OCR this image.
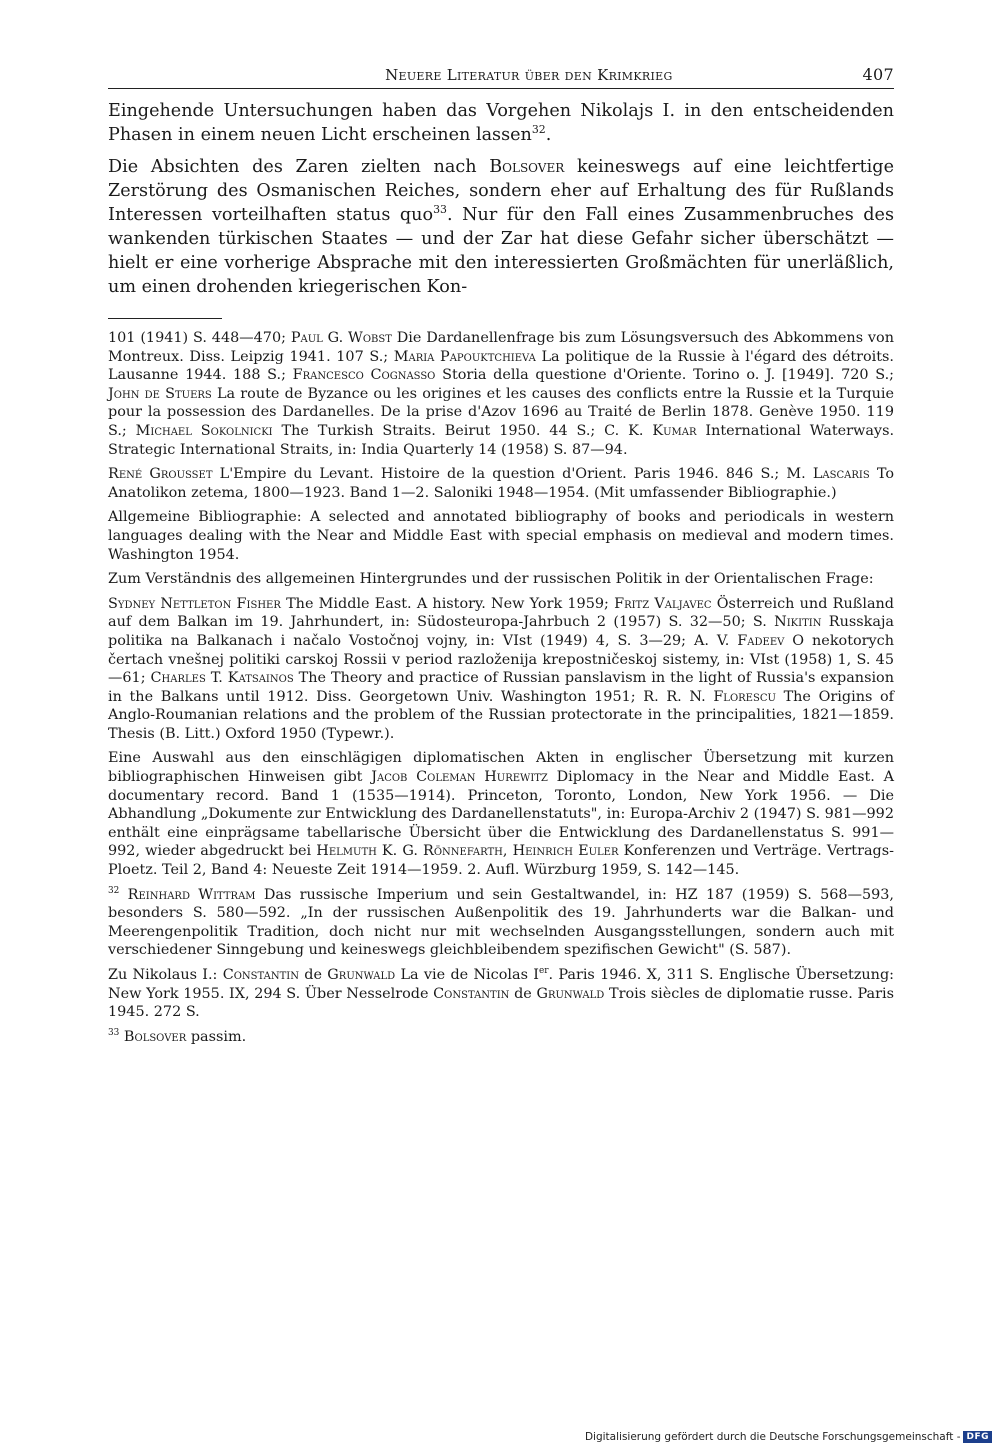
Neuere Literatur über den Krimkrieg	407

Eingehende Untersuchungen haben das Vorgehen Nikolajs I. in den entscheidenden Phasen in einem neuen Licht erscheinen lassen$^{32}$.

Die Absichten des Zaren zielten nach Bolsover keineswegs auf eine leichtfertige Zerstörung des Osmanischen Reiches, sondern eher auf Erhaltung des für Rußlands Interessen vorteilhaften status quo$^{33}$. Nur für den Fall eines Zusammenbruches des wankenden türkischen Staates — und der Zar hat diese Gefahr sicher überschätzt — hielt er eine vorherige Absprache mit den interessierten Großmächten für unerläßlich, um einen drohenden kriegerischen Kon-

101 (1941) S. 448—470; Paul G. Wobst Die Dardanellenfrage bis zum Lösungsversuch des Abkommens von Montreux. Diss. Leipzig 1941. 107 S.; Maria Papouktchieva La politique de la Russie à l'égard des détroits. Lausanne 1944. 188 S.; Francesco Cognasso Storia della questione d'Oriente. Torino o. J. [1949]. 720 S.; John de Stuers La route de Byzance ou les origines et les causes des conflicts entre la Russie et la Turquie pour la possession des Dardanelles. De la prise d'Azov 1696 au Traité de Berlin 1878. Genève 1950. 119 S.; Michael Sokolnicki The Turkish Straits. Beirut 1950. 44 S.; C. K. Kumar International Waterways. Strategic International Straits, in: India Quarterly 14 (1958) S. 87—94.

René Grousset L'Empire du Levant. Histoire de la question d'Orient. Paris 1946. 846 S.; M. Lascaris To Anatolikon zetema, 1800—1923. Band 1—2. Saloniki 1948—1954. (Mit umfassender Bibliographie.)

Allgemeine Bibliographie: A selected and annotated bibliography of books and periodicals in western languages dealing with the Near and Middle East with special emphasis on medieval and modern times. Washington 1954.

Zum Verständnis des allgemeinen Hintergrundes und der russischen Politik in der Orientalischen Frage:

Sydney Nettleton Fisher The Middle East. A history. New York 1959; Fritz Valjavec Österreich und Rußland auf dem Balkan im 19. Jahrhundert, in: Südosteuropa-Jahrbuch 2 (1957) S. 32—50; S. Nikitin Russkaja politika na Balkanach i načalo Vostočnoj vojny, in: VIst (1949) 4, S. 3—29; A. V. Fadeev O nekotorych čertach vnešnej politiki carskoj Rossii v period razloženija krepostničeskoj sistemy, in: VIst (1958) 1, S. 45—61; Charles T. Katsainos The Theory and practice of Russian panslavism in the light of Russia's expansion in the Balkans until 1912. Diss. Georgetown Univ. Washington 1951; R. R. N. Florescu The Origins of Anglo-Roumanian relations and the problem of the Russian protectorate in the principalities, 1821—1859. Thesis (B. Litt.) Oxford 1950 (Typewr.).

Eine Auswahl aus den einschlägigen diplomatischen Akten in englischer Übersetzung mit kurzen bibliographischen Hinweisen gibt Jacob Coleman Hurewitz Diplomacy in the Near and Middle East. A documentary record. Band 1 (1535—1914). Princeton, Toronto, London, New York 1956. — Die Abhandlung „Dokumente zur Entwicklung des Dardanellenstatuts", in: Europa-Archiv 2 (1947) S. 981—992 enthält eine einprägsame tabellarische Übersicht über die Entwicklung des Dardanellenstatus S. 991—992, wieder abgedruckt bei Helmuth K. G. Rönnefarth, Heinrich Euler Konferenzen und Verträge. Vertrags-Ploetz. Teil 2, Band 4: Neueste Zeit 1914—1959. 2. Aufl. Würzburg 1959, S. 142—145.

$^{32}$ Reinhard Wittram Das russische Imperium und sein Gestaltwandel, in: HZ 187 (1959) S. 568—593, besonders S. 580—592. „In der russischen Außenpolitik des 19. Jahrhunderts war die Balkan- und Meerengenpolitik Tradition, doch nicht nur mit wechselnden Ausgangsstellungen, sondern auch mit verschiedener Sinngebung und keineswegs gleichbleibendem spezifischen Gewicht" (S. 587).

Zu Nikolaus I.: Constantin de Grunwald La vie de Nicolas Ier. Paris 1946. X, 311 S. Englische Übersetzung: New York 1955. IX, 294 S. Über Nesselrode Constantin de Grunwald Trois siècles de diplomatie russe. Paris 1945. 272 S.

$^{33}$ Bolsover passim.

Digitalisierung gefördert durch die Deutsche Forschungsgemeinschaft - DFG
